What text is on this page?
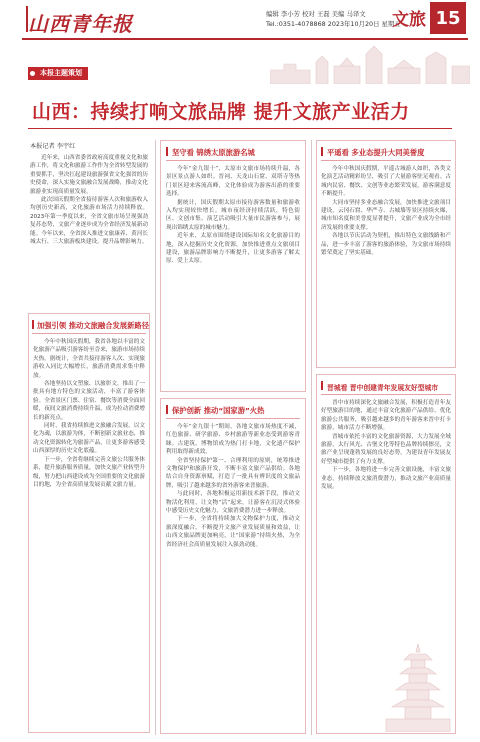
山西青年报	编辑 李小芳 校对 王磊 美编 马译文
Tel.:0351-4078868 2023年10月20日 星期五
文旅 15
本报主题策划
山西：持续打响文旅品牌 提升文旅产业活力
本报记者 李宇红

近年来，山西省委省政府高度重视文化和旅游工作，将文化和旅游工作作为全省转型发展的重要抓手，坚决扛起建设旅游强省文化强省的历史使命，深入实施文旅融合发展战略，推动文化旅游业实现高质量发展。

此次国庆假期全省接待游客人次和旅游收入均创历史新高，文化旅游市场活力持续释放。2023年第一季度以来，全省文旅市场呈现强劲复苏态势，文旅产业逐步成为全省经济发展新动能。今年以来，全省深入推进文旅康养、黄河长城太行、三大旅游板块建设，提升品牌影响力。

加强引领 推动文旅融合发展新路径

今年中秋国庆假期，我省各地以丰富的文化旅游产品吸引游客纷至沓来，旅游市场持续火热。据统计，全省共接待游客人次、实现旅游收入同比大幅增长，旅游消费需求集中释放。

各地坚持以文塑旅、以旅彰文，推出了一批具有地方特色的文旅活动，丰富了游客体验。全省景区门票、住宿、餐饮等消费全面回暖，夜间文旅消费持续升温，成为拉动消费增长的新亮点。

同时，我省持续推进文旅融合发展，以文化为魂，以旅游为体，不断创新文旅业态，推动文化资源转化为旅游产品，让更多游客感受山西深厚的历史文化底蕴。

下一步，全省将继续完善文旅公共服务体系，提升旅游服务质量，加快文旅产业转型升级，努力把山西建设成为全国重要的文化旅游目的地，为全省高质量发展贡献文旅力量。

坚守看 锦绣太原旅游名城

今年“金九银十”，太原市文旅市场持续升温，各景区景点游人如织。晋祠、天龙山石窟、双塔寺等热门景区迎来客流高峰，文化体验成为游客出游的重要选择。

据统计，国庆假期太原市接待游客数量和旅游收入均实现较快增长。城市夜经济持续活跃，特色街区、文创市集、演艺活动吸引大量市民游客参与，展现出锦绣太原的城市魅力。

近年来，太原市围绕建设国际知名文化旅游目的地，深入挖掘历史文化资源，加快推进重点文旅项目建设，旅游品牌影响力不断提升，让更多游客了解太原、爱上太原。

保护创新 推动“国家游”火热

今年“金九银十”期间，各地文旅市场热度不减，红色旅游、研学旅游、乡村旅游等新业态受到游客青睐。古建筑、博物馆成为热门打卡地，文化遗产保护利用取得新成效。

全省坚持保护第一、合理利用的原则，统筹推进文物保护和旅游开发，不断丰富文旅产品供给。各地结合自身资源禀赋，打造了一批具有辨识度的文旅品牌，吸引了越来越多的省外游客来晋旅游。

与此同时，各地积极运用新技术新手段，推动文物活化利用，让文物“活”起来，让游客在沉浸式体验中感受历史文化魅力，文旅消费潜力进一步释放。

下一步，全省将持续加大文物保护力度，推动文旅深度融合，不断提升文旅产业发展质量和效益，让山西文旅品牌更加响亮，让“国家游”持续火热，为全省经济社会高质量发展注入强劲动能。

平遥看 多业态提升大同美誉度

今年中秋国庆假期，平遥古城游人如织，各类文化演艺活动精彩纷呈，吸引了大量游客驻足观看。古城内民宿、餐饮、文创等业态繁荣发展，游客满意度不断提升。

大同市坚持多业态融合发展，加快推进文旅项目建设，云冈石窟、华严寺、古城墙等景区持续火爆，城市知名度和美誉度显著提升，文旅产业成为全市经济发展的重要支撑。

各地以节庆活动为契机，推出特色文旅线路和产品，进一步丰富了游客的旅游体验，为文旅市场持续繁荣奠定了坚实基础。

晋城看 晋中创建青年发展友好型城市

晋中市持续深化文旅融合发展，积极打造青年友好型旅游目的地，通过丰富文化旅游产品供给、优化旅游公共服务，吸引越来越多的青年游客来晋中打卡旅游，城市活力不断增强。

晋城市依托丰富的文化旅游资源，大力发展全域旅游，太行风光、古堡文化等特色品牌持续擦亮，文旅产业呈现蓬勃发展的良好态势，为建设青年发展友好型城市提供了有力支撑。

下一步，各地将进一步完善文旅设施，丰富文旅业态，持续释放文旅消费潜力，推动文旅产业高质量发展。
